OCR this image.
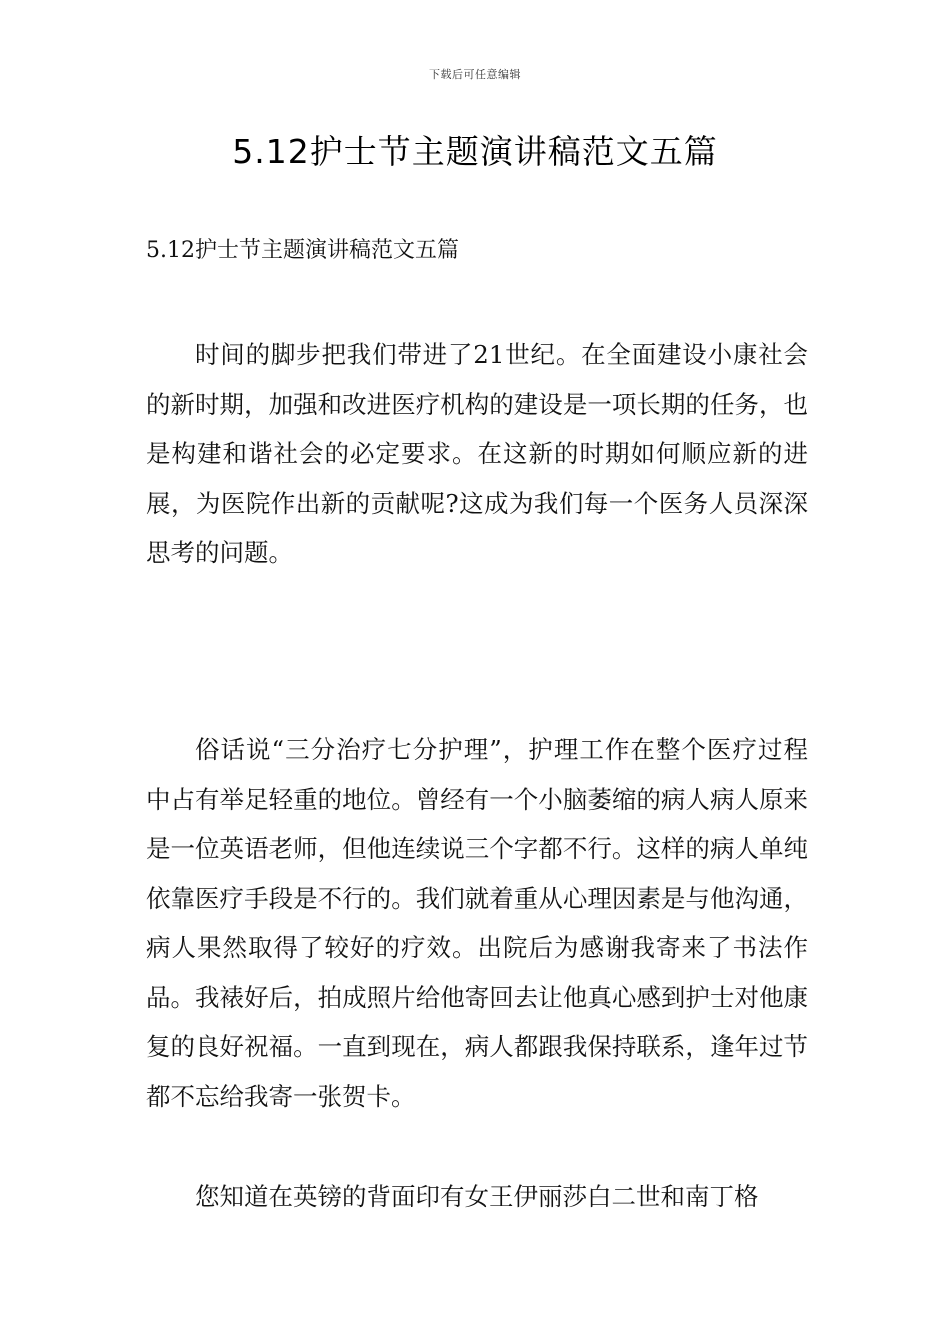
下载后可任意编辑
5.12护士节主题演讲稿范文五篇

5.12护士节主题演讲稿范文五篇

时间的脚步把我们带进了21世纪。在全面建设小康社会的新时期，加强和改进医疗机构的建设是一项长期的任务，也是构建和谐社会的必定要求。在这新的时期如何顺应新的进展，为医院作出新的贡献呢?这成为我们每一个医务人员深深思考的问题。

俗话说“三分治疗七分护理”，护理工作在整个医疗过程中占有举足轻重的地位。曾经有一个小脑萎缩的病人病人原来是一位英语老师，但他连续说三个字都不行。这样的病人单纯依靠医疗手段是不行的。我们就着重从心理因素是与他沟通，病人果然取得了较好的疗效。出院后为感谢我寄来了书法作品。我裱好后，拍成照片给他寄回去让他真心感到护士对他康复的良好祝福。一直到现在，病人都跟我保持联系，逢年过节都不忘给我寄一张贺卡。

您知道在英镑的背面印有女王伊丽莎白二世和南丁格
